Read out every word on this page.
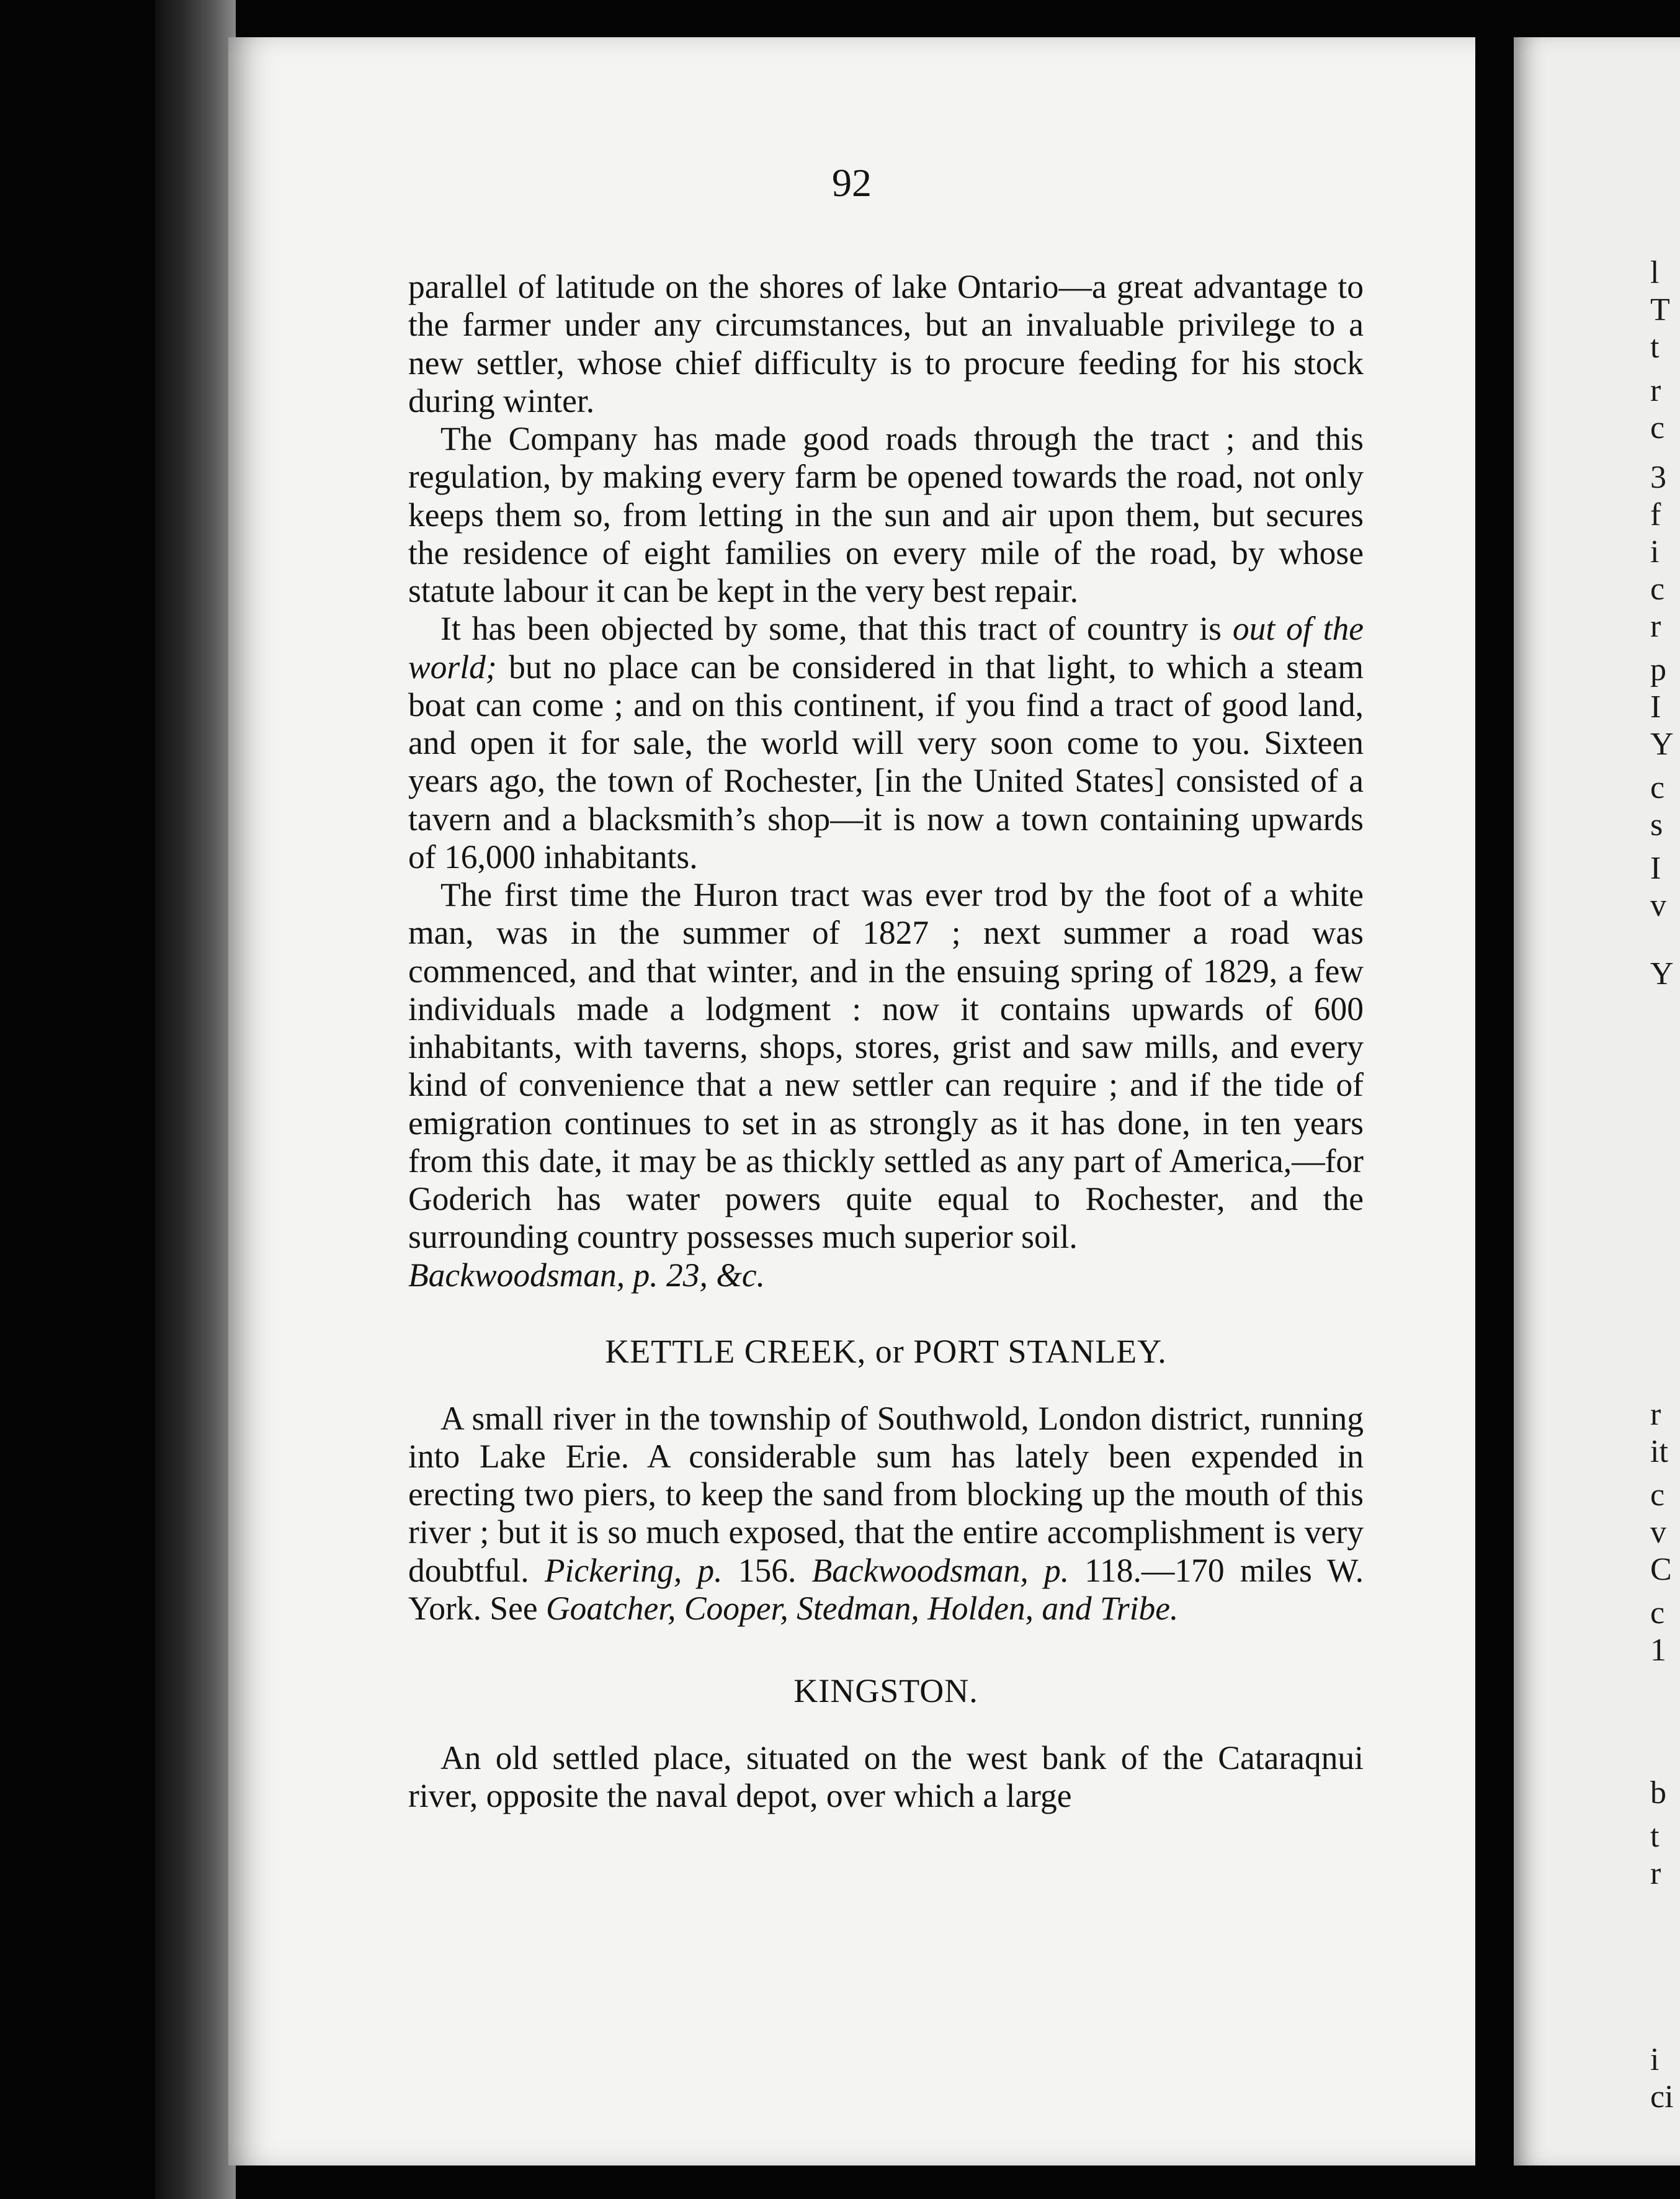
92

parallel of latitude on the shores of lake Ontario—a great advantage to the farmer under any circumstances, but an invaluable privilege to a new settler, whose chief difficulty is to procure feeding for his stock during winter.

The Company has made good roads through the tract ; and this regulation, by making every farm be opened towards the road, not only keeps them so, from letting in the sun and air upon them, but secures the residence of eight families on every mile of the road, by whose statute labour it can be kept in the very best repair.

It has been objected by some, that this tract of country is out of the world; but no place can be considered in that light, to which a steam boat can come ; and on this continent, if you find a tract of good land, and open it for sale, the world will very soon come to you. Sixteen years ago, the town of Rochester, [in the United States] consisted of a tavern and a blacksmith’s shop—it is now a town containing upwards of 16,000 inhabitants.

The first time the Huron tract was ever trod by the foot of a white man, was in the summer of 1827 ; next summer a road was commenced, and that winter, and in the ensuing spring of 1829, a few individuals made a lodgment : now it contains upwards of 600 inhabitants, with taverns, shops, stores, grist and saw mills, and every kind of convenience that a new settler can require ; and if the tide of emigration continues to set in as strongly as it has done, in ten years from this date, it may be as thickly settled as any part of America,—for Goderich has water powers quite equal to Rochester, and the surrounding country possesses much superior soil.
Backwoodsman, p. 23, &c.

KETTLE CREEK, or PORT STANLEY.

A small river in the township of Southwold, London district, running into Lake Erie. A considerable sum has lately been expended in erecting two piers, to keep the sand from blocking up the mouth of this river ; but it is so much exposed, that the entire accomplishment is very doubtful. Pickering, p. 156. Backwoodsman, p. 118.—170 miles W. York. See Goatcher, Cooper, Stedman, Holden, and Tribe.

KINGSTON.

An old settled place, situated on the west bank of the Cataraqnui river, opposite the naval depot, over which a large

l
T
t
r
c
3
f
i
c
r
p
I
Y
c
s
I
v
Y
r
it
c
v
C
c
1
b
t
r
i
ci
